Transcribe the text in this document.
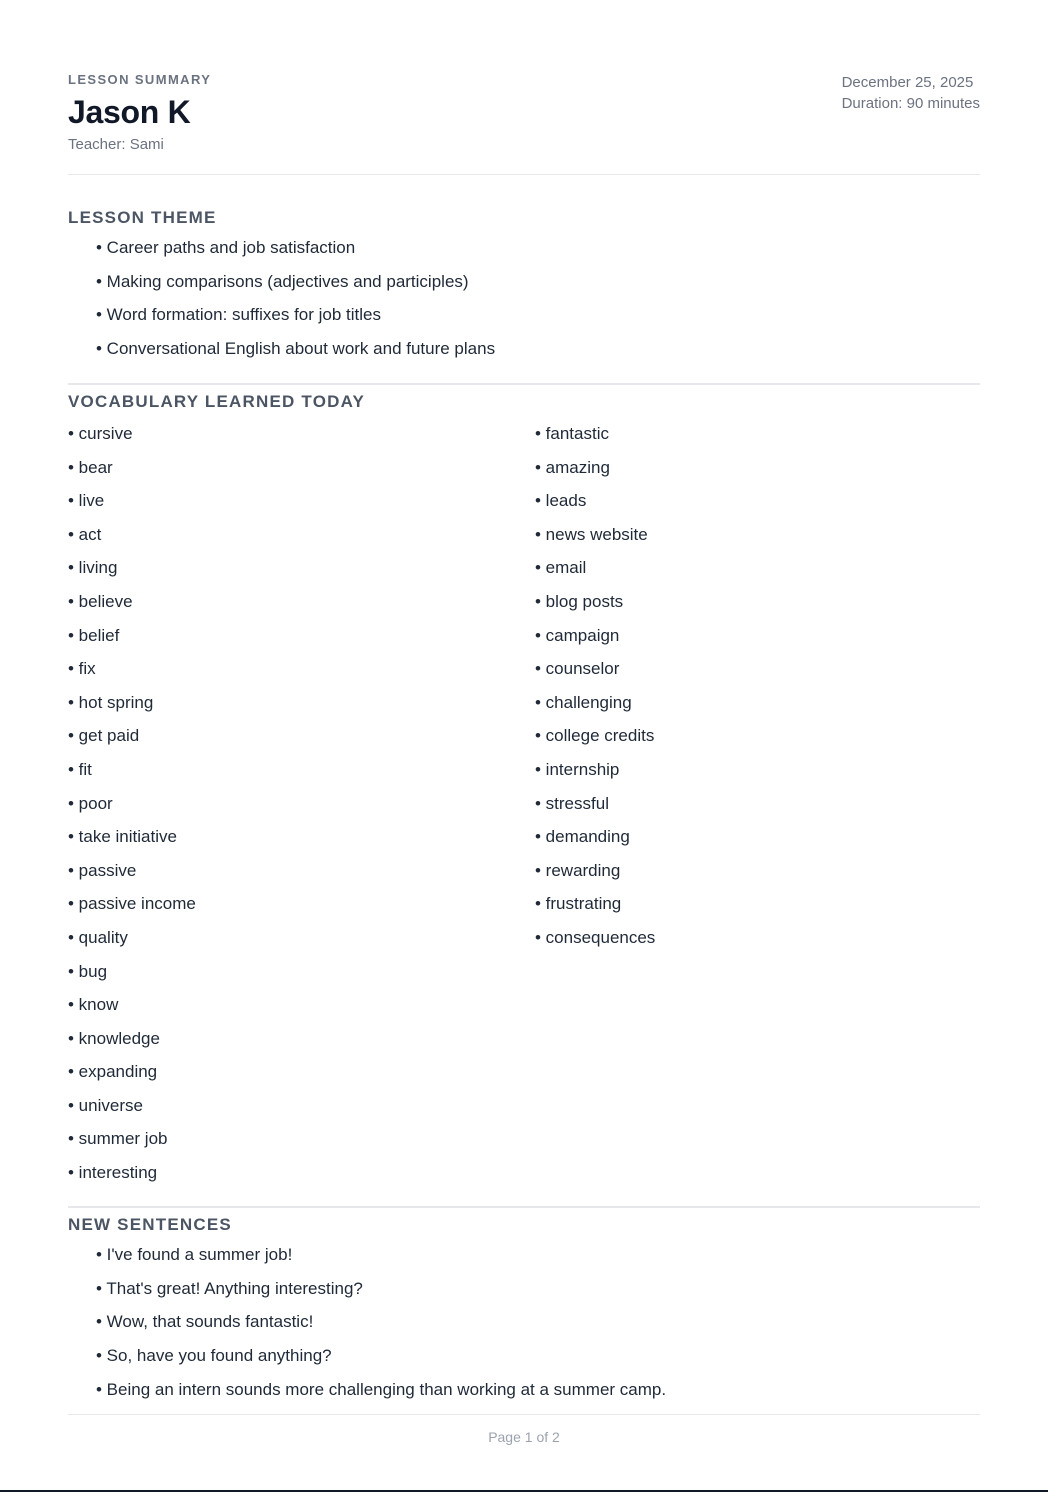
LESSON SUMMARY
Jason K
Teacher: Sami
December 25, 2025
Duration: 90 minutes
LESSON THEME
• Career paths and job satisfaction
• Making comparisons (adjectives and participles)
• Word formation: suffixes for job titles
• Conversational English about work and future plans
VOCABULARY LEARNED TODAY
• cursive
• bear
• live
• act
• living
• believe
• belief
• fix
• hot spring
• get paid
• fit
• poor
• take initiative
• passive
• passive income
• quality
• bug
• know
• knowledge
• expanding
• universe
• summer job
• interesting
• fantastic
• amazing
• leads
• news website
• email
• blog posts
• campaign
• counselor
• challenging
• college credits
• internship
• stressful
• demanding
• rewarding
• frustrating
• consequences
NEW SENTENCES
• I've found a summer job!
• That's great! Anything interesting?
• Wow, that sounds fantastic!
• So, have you found anything?
• Being an intern sounds more challenging than working at a summer camp.
Page 1 of 2
